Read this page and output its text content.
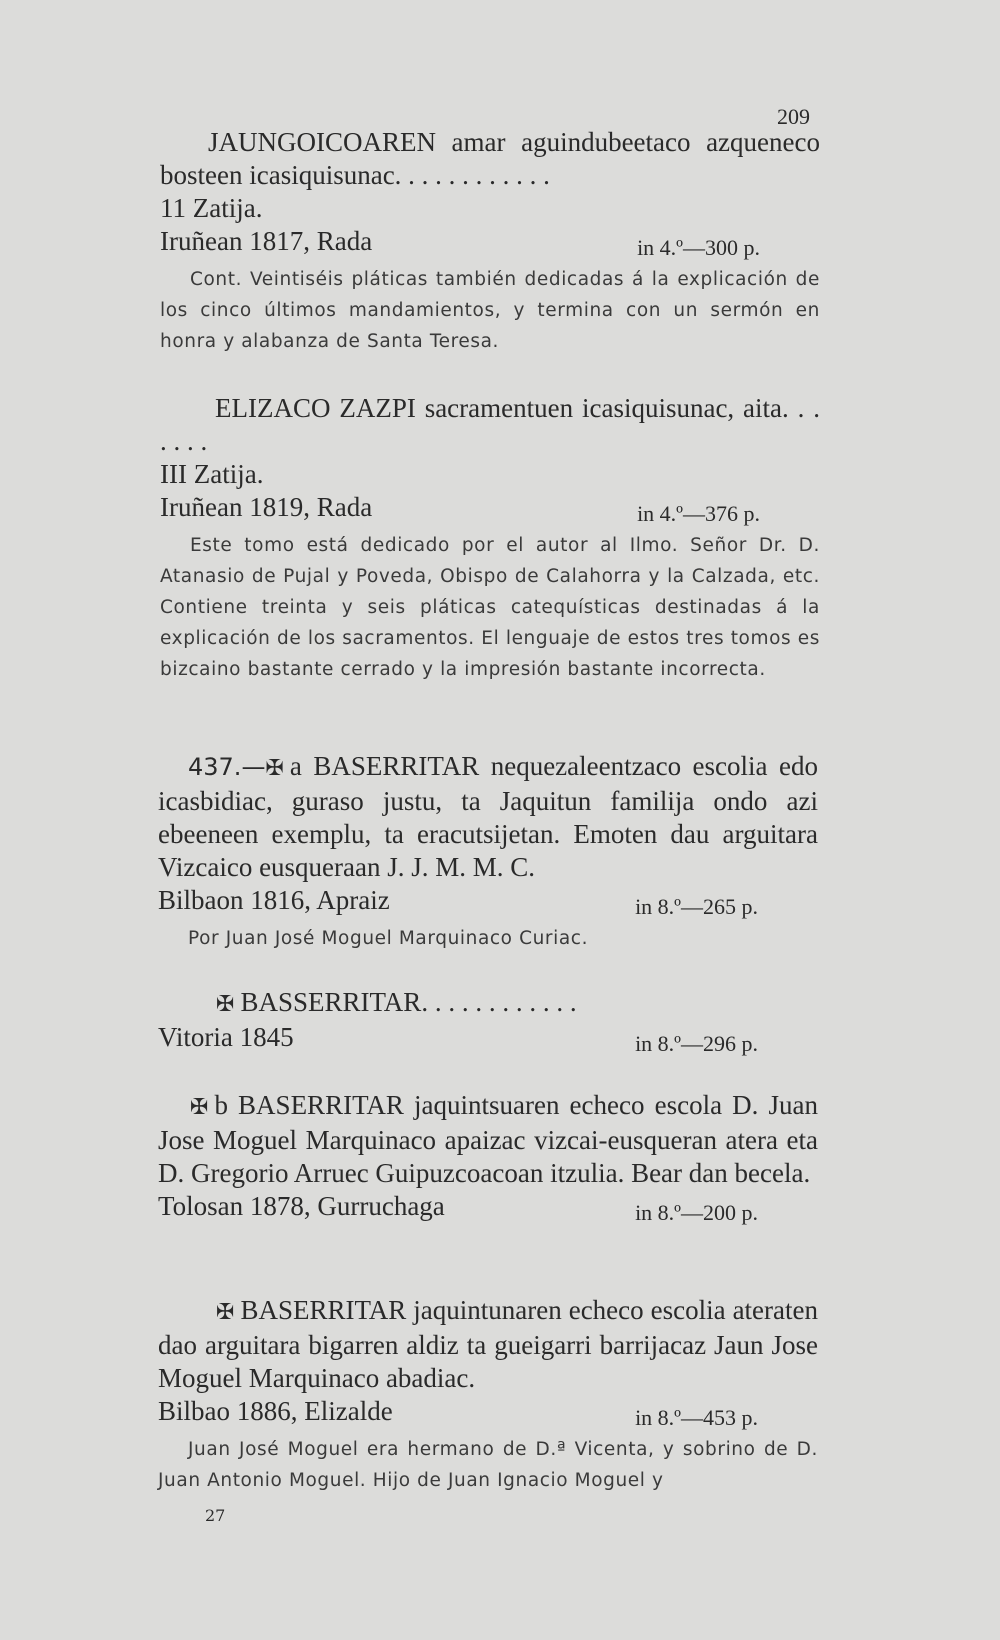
209
JAUNGOICOAREN amar aguindubeetaco azqueneco bosteen icasiquisunac. . . . . . . . . . . .
11 Zatija.
Iruñean 1817, Rada	in 4.º—300 p.
Cont. Veintiséis pláticas también dedicadas á la explicación de los cinco últimos mandamientos, y termina con un sermón en honra y alabanza de Santa Teresa.
ELIZACO ZAZPI sacramentuen icasiquisunac, aita. . . . . . .
III Zatija.
Iruñean 1819, Rada	in 4.º—376 p.
Este tomo está dedicado por el autor al Ilmo. Señor Dr. D. Atanasio de Pujal y Poveda, Obispo de Calahorra y la Calzada, etc. Contiene treinta y seis pláticas catequísticas destinadas á la explicación de los sacramentos. El lenguaje de estos tres tomos es bizcaino bastante cerrado y la impresión bastante incorrecta.
437.—✠ a BASERRITAR nequezaleentzaco escolia edo icasbidiac, guraso justu, ta Jaquitun familija ondo azi ebeeneen exemplu, ta eracutsijetan. Emoten dau arguitara Vizcaico eusqueraan J. J. M. M. C.
Bilbaon 1816, Apraiz	in 8.º—265 p.
Por Juan José Moguel Marquinaco Curiac.
✠ BASSERRITAR. . . . . . . . . . . .
Vitoria 1845	in 8.º—296 p.
✠ b BASERRITAR jaquintsuaren echeco escola D. Juan Jose Moguel Marquinaco apaizac vizcai-eusqueran atera eta D. Gregorio Arruec Guipuzcoacoan itzulia. Bear dan becela.
Tolosan 1878, Gurruchaga	in 8.º—200 p.
✠ BASERRITAR jaquintunaren echeco escolia ateraten dao arguitara bigarren aldiz ta gueigarri barrijacaz Jaun Jose Moguel Marquinaco abadiac.
Bilbao 1886, Elizalde	in 8.º—453 p.
Juan José Moguel era hermano de D.ª Vicenta, y sobrino de D. Juan Antonio Moguel. Hijo de Juan Ignacio Moguel y
27
